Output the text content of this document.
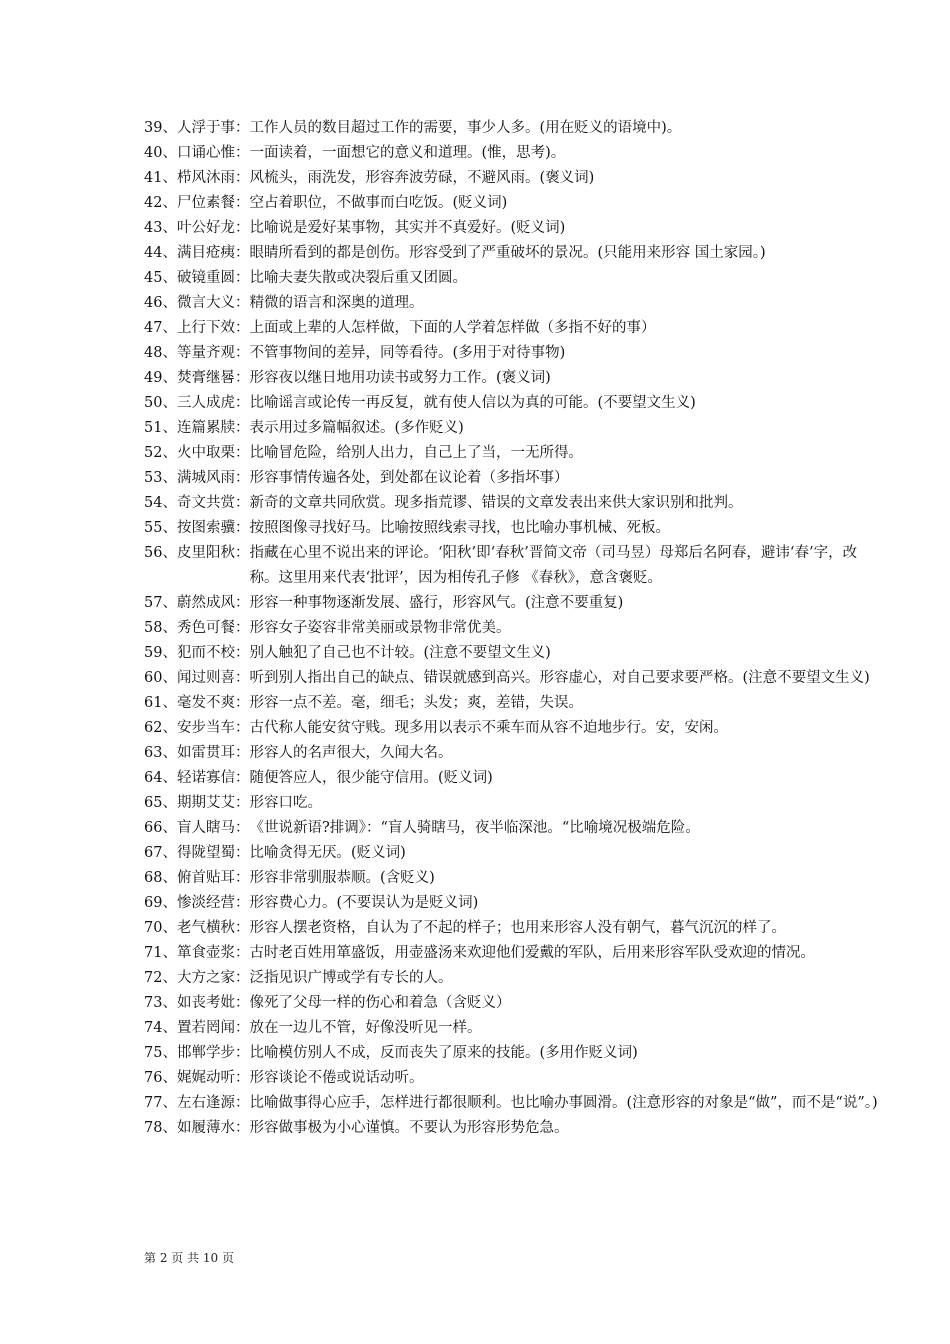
39、人浮于事： 工作人员的数目超过工作的需要，事少人多。(用在贬义的语境中)。
40、口诵心惟： 一面读着，一面想它的意义和道理。(惟，思考)。
41、栉风沐雨： 风梳头，雨洗发，形容奔波劳碌，不避风雨。(褒义词)
42、尸位素餐： 空占着职位，不做事而白吃饭。(贬义词)
43、叶公好龙： 比喻说是爱好某事物，其实并不真爱好。(贬义词)
44、满目疮痍： 眼睛所看到的都是创伤。形容受到了严重破坏的景况。(只能用来形容 国土家园。)
45、破镜重圆： 比喻夫妻失散或决裂后重又团圆。
46、微言大义： 精微的语言和深奥的道理。
47、上行下效： 上面或上辈的人怎样做，下面的人学着怎样做（多指不好的事）
48、等量齐观： 不管事物间的差异，同等看待。(多用于对待事物)
49、焚膏继晷： 形容夜以继日地用功读书或努力工作。(褒义词)
50、三人成虎： 比喻谣言或论传一再反复，就有使人信以为真的可能。(不要望文生义)
51、连篇累牍： 表示用过多篇幅叙述。(多作贬义)
52、火中取栗： 比喻冒危险，给别人出力，自己上了当，一无所得。
53、满城风雨： 形容事情传遍各处，到处都在议论着（多指坏事）
54、奇文共赏： 新奇的文章共同欣赏。现多指荒谬、错误的文章发表出来供大家识别和批判。
55、按图索骥： 按照图像寻找好马。比喻按照线索寻找，也比喻办事机械、死板。
56、皮里阳秋： 指藏在心里不说出来的评论。‘阳秋’即‘春秋’晋简文帝（司马昱）母郑后名阿春，避讳‘春’字，改称。这里用来代表‘批评’，因为相传孔子修 《春秋》，意含褒贬。
57、蔚然成风： 形容一种事物逐渐发展、盛行，形容风气。(注意不要重复)
58、秀色可餐： 形容女子姿容非常美丽或景物非常优美。
59、犯而不校： 别人触犯了自己也不计较。(注意不要望文生义)
60、闻过则喜： 听到别人指出自己的缺点、错误就感到高兴。形容虚心，对自己要求要严格。(注意不要望文生义)
61、毫发不爽： 形容一点不差。毫，细毛；头发；爽，差错，失误。
62、安步当车： 古代称人能安贫守贱。现多用以表示不乘车而从容不迫地步行。安，安闲。
63、如雷贯耳： 形容人的名声很大，久闻大名。
64、轻诺寡信： 随便答应人，很少能守信用。(贬义词)
65、期期艾艾： 形容口吃。
66、盲人瞎马： 《世说新语?排调》：“盲人骑瞎马，夜半临深池。“比喻境况极端危险。
67、得陇望蜀： 比喻贪得无厌。(贬义词)
68、俯首贴耳： 形容非常驯服恭顺。(含贬义)
69、惨淡经营： 形容费心力。(不要误认为是贬义词)
70、老气横秋： 形容人摆老资格，自认为了不起的样子；也用来形容人没有朝气，暮气沉沉的样了。
71、箪食壶浆： 古时老百姓用箪盛饭，用壶盛汤来欢迎他们爱戴的军队，后用来形容军队受欢迎的情况。
72、大方之家： 泛指见识广博或学有专长的人。
73、如丧考妣： 像死了父母一样的伤心和着急（含贬义）
74、置若罔闻： 放在一边儿不管，好像没听见一样。
75、邯郸学步： 比喻模仿别人不成，反而丧失了原来的技能。(多用作贬义词)
76、娓娓动听： 形容谈论不倦或说话动听。
77、左右逢源： 比喻做事得心应手，怎样进行都很顺利。也比喻办事圆滑。(注意形容的对象是“做”，而不是“说”。)
78、如履薄水： 形容做事极为小心谨慎。不要认为形容形势危急。
第 2 页 共 10 页
